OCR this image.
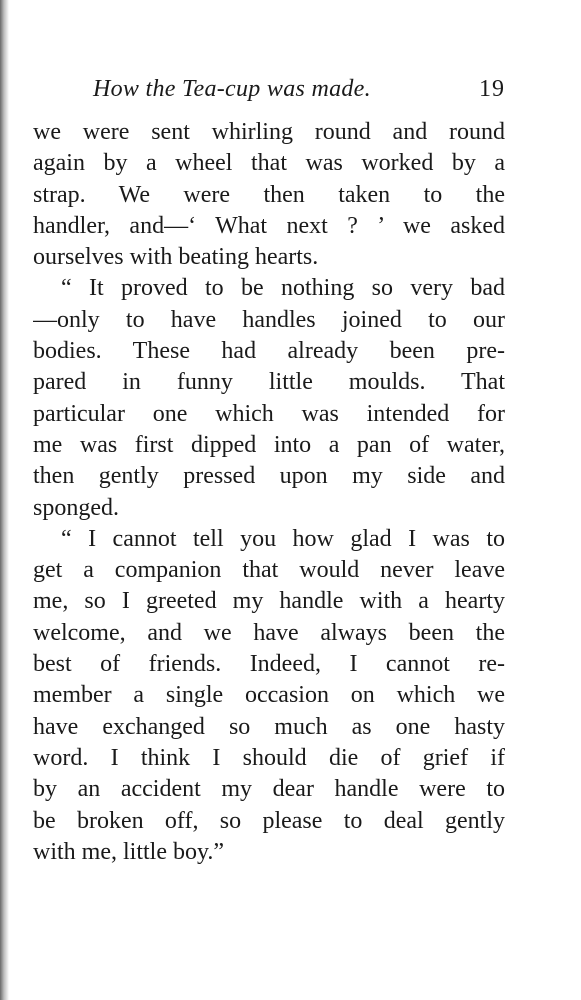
How the Tea-cup was made.	19
we were sent whirling round and round
again by a wheel that was worked by a
strap. We were then taken to the
handler, and—‘ What next ? ’ we asked
ourselves with beating hearts.
“ It proved to be nothing so very bad
—only to have handles joined to our
bodies. These had already been pre-
pared in funny little moulds. That
particular one which was intended for
me was first dipped into a pan of water,
then gently pressed upon my side and
sponged.
“ I cannot tell you how glad I was to
get a companion that would never leave
me, so I greeted my handle with a hearty
welcome, and we have always been the
best of friends. Indeed, I cannot re-
member a single occasion on which we
have exchanged so much as one hasty
word. I think I should die of grief if
by an accident my dear handle were to
be broken off, so please to deal gently
with me, little boy.”
